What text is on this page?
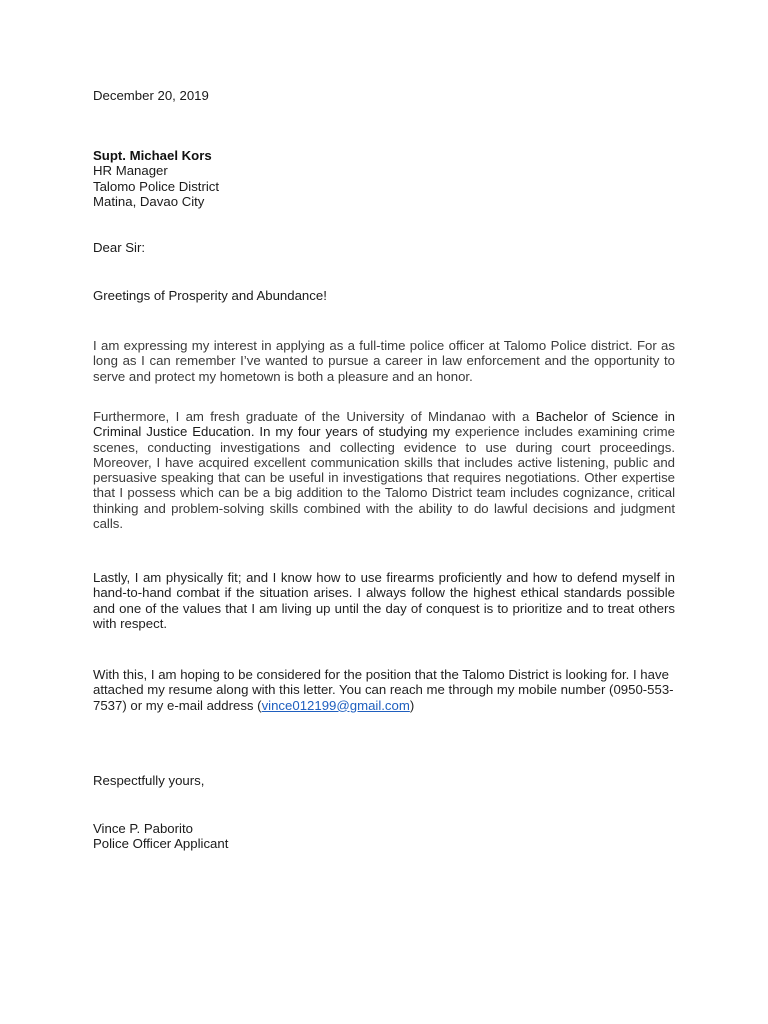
December 20, 2019

Supt. Michael Kors
HR Manager
Talomo Police District
Matina, Davao City

Dear Sir:

Greetings of Prosperity and Abundance!

I am expressing my interest in applying as a full-time police officer at Talomo Police district. For as long as I can remember I’ve wanted to pursue a career in law enforcement and the opportunity to serve and protect my hometown is both a pleasure and an honor.

Furthermore, I am fresh graduate of the University of Mindanao with a Bachelor of Science in Criminal Justice Education. In my four years of studying my experience includes examining crime scenes, conducting investigations and collecting evidence to use during court proceedings. Moreover, I have acquired excellent communication skills that includes active listening, public and persuasive speaking that can be useful in investigations that requires negotiations. Other expertise that I possess which can be a big addition to the Talomo District team includes cognizance, critical thinking and problem-solving skills combined with the ability to do lawful decisions and judgment calls.

Lastly, I am physically fit; and I know how to use firearms proficiently and how to defend myself in hand-to-hand combat if the situation arises. I always follow the highest ethical standards possible and one of the values that I am living up until the day of conquest is to prioritize and to treat others with respect.

With this, I am hoping to be considered for the position that the Talomo District is looking for. I have attached my resume along with this letter. You can reach me through my mobile number (0950-553-7537) or my e-mail address (vince012199@gmail.com)

Respectfully yours,

Vince P. Paborito
Police Officer Applicant
